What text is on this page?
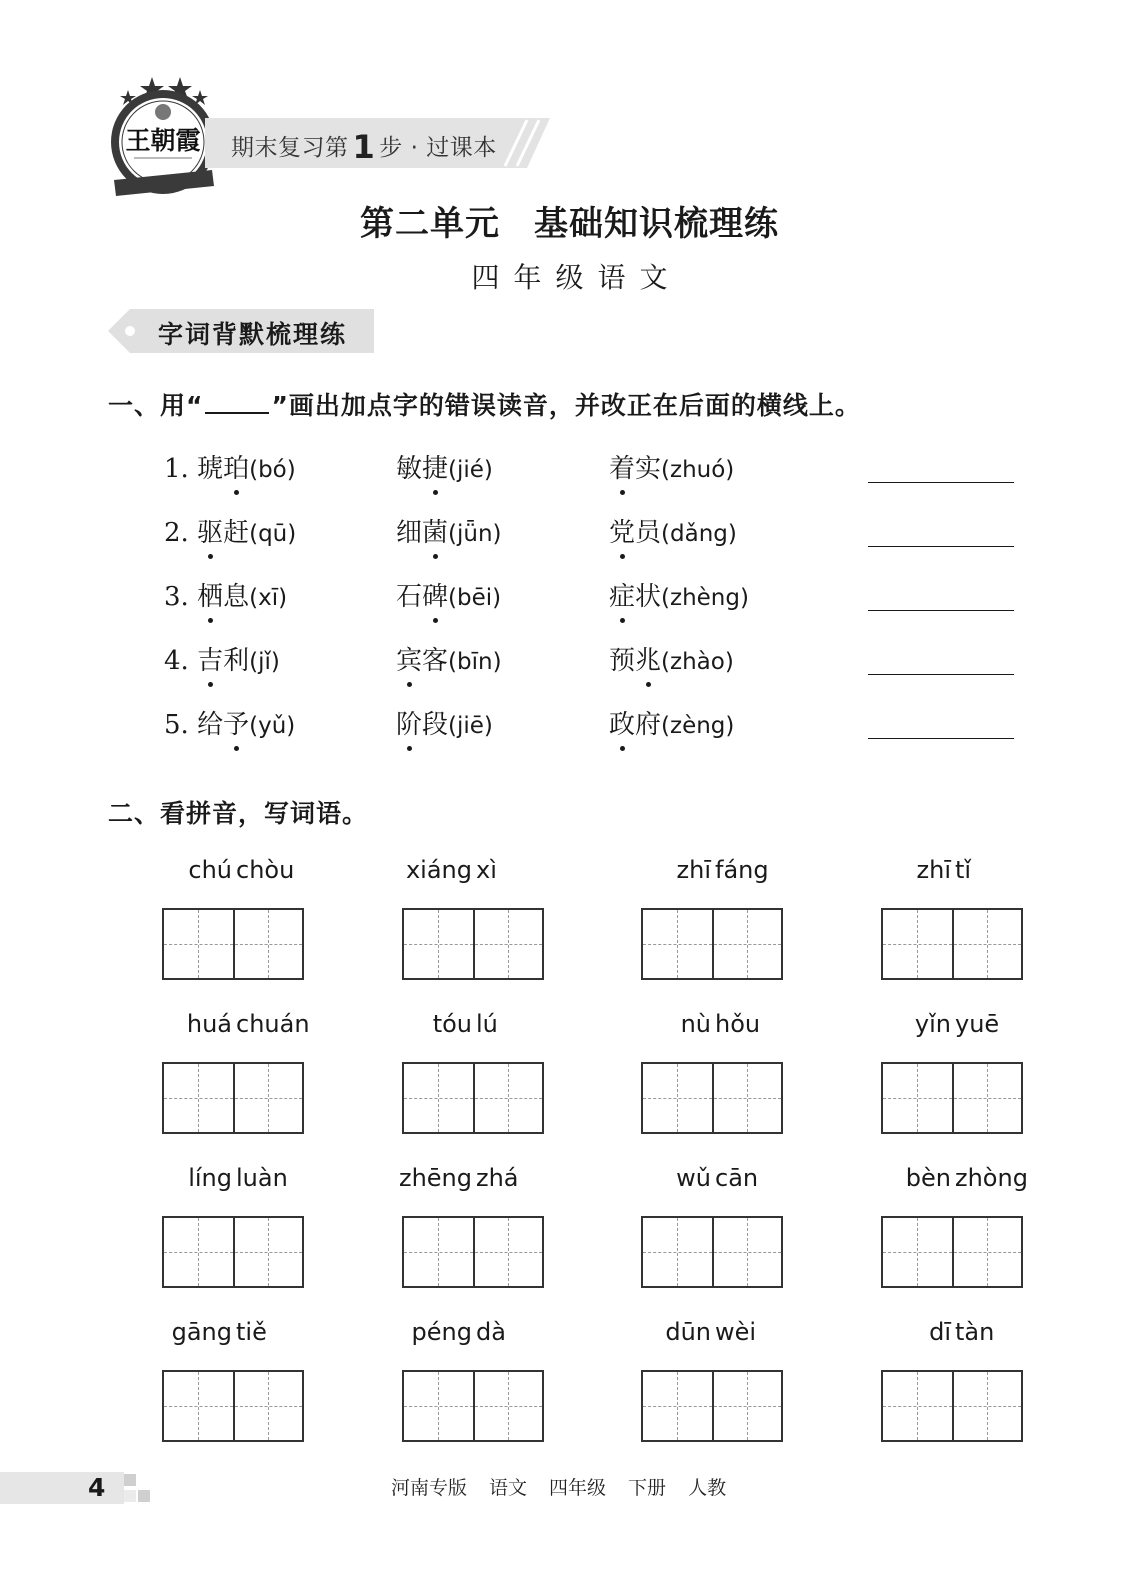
王朝霞 期末复习第 1 步 · 过课本
第二单元 基础知识梳理练
四年级语文
字词背默梳理练
一、用“	”画出加点字的错误读音，并改正在后面的横线上。
1. 琥珀(bó)	敏捷(jié)	着实(zhuó)
2. 驱赶(qū)	细菌(jǖn)	党员(dǎng)
3. 栖息(xī)	石碑(bēi)	症状(zhèng)
4. 吉利(jǐ)	宾客(bīn)	预兆(zhào)
5. 给予(yǔ)	阶段(jiē)	政府(zèng)
二、看拼音，写词语。
chú chòu	xiáng xì	zhī fáng	zhī tǐ
huá chuán	tóu lú	nù hǒu	yǐn yuē
líng luàn	zhēng zhá	wǔ cān	bèn zhòng
gāng tiě	péng dà	dūn wèi	dī tàn
4	河南专版 语文 四年级 下册 人教
